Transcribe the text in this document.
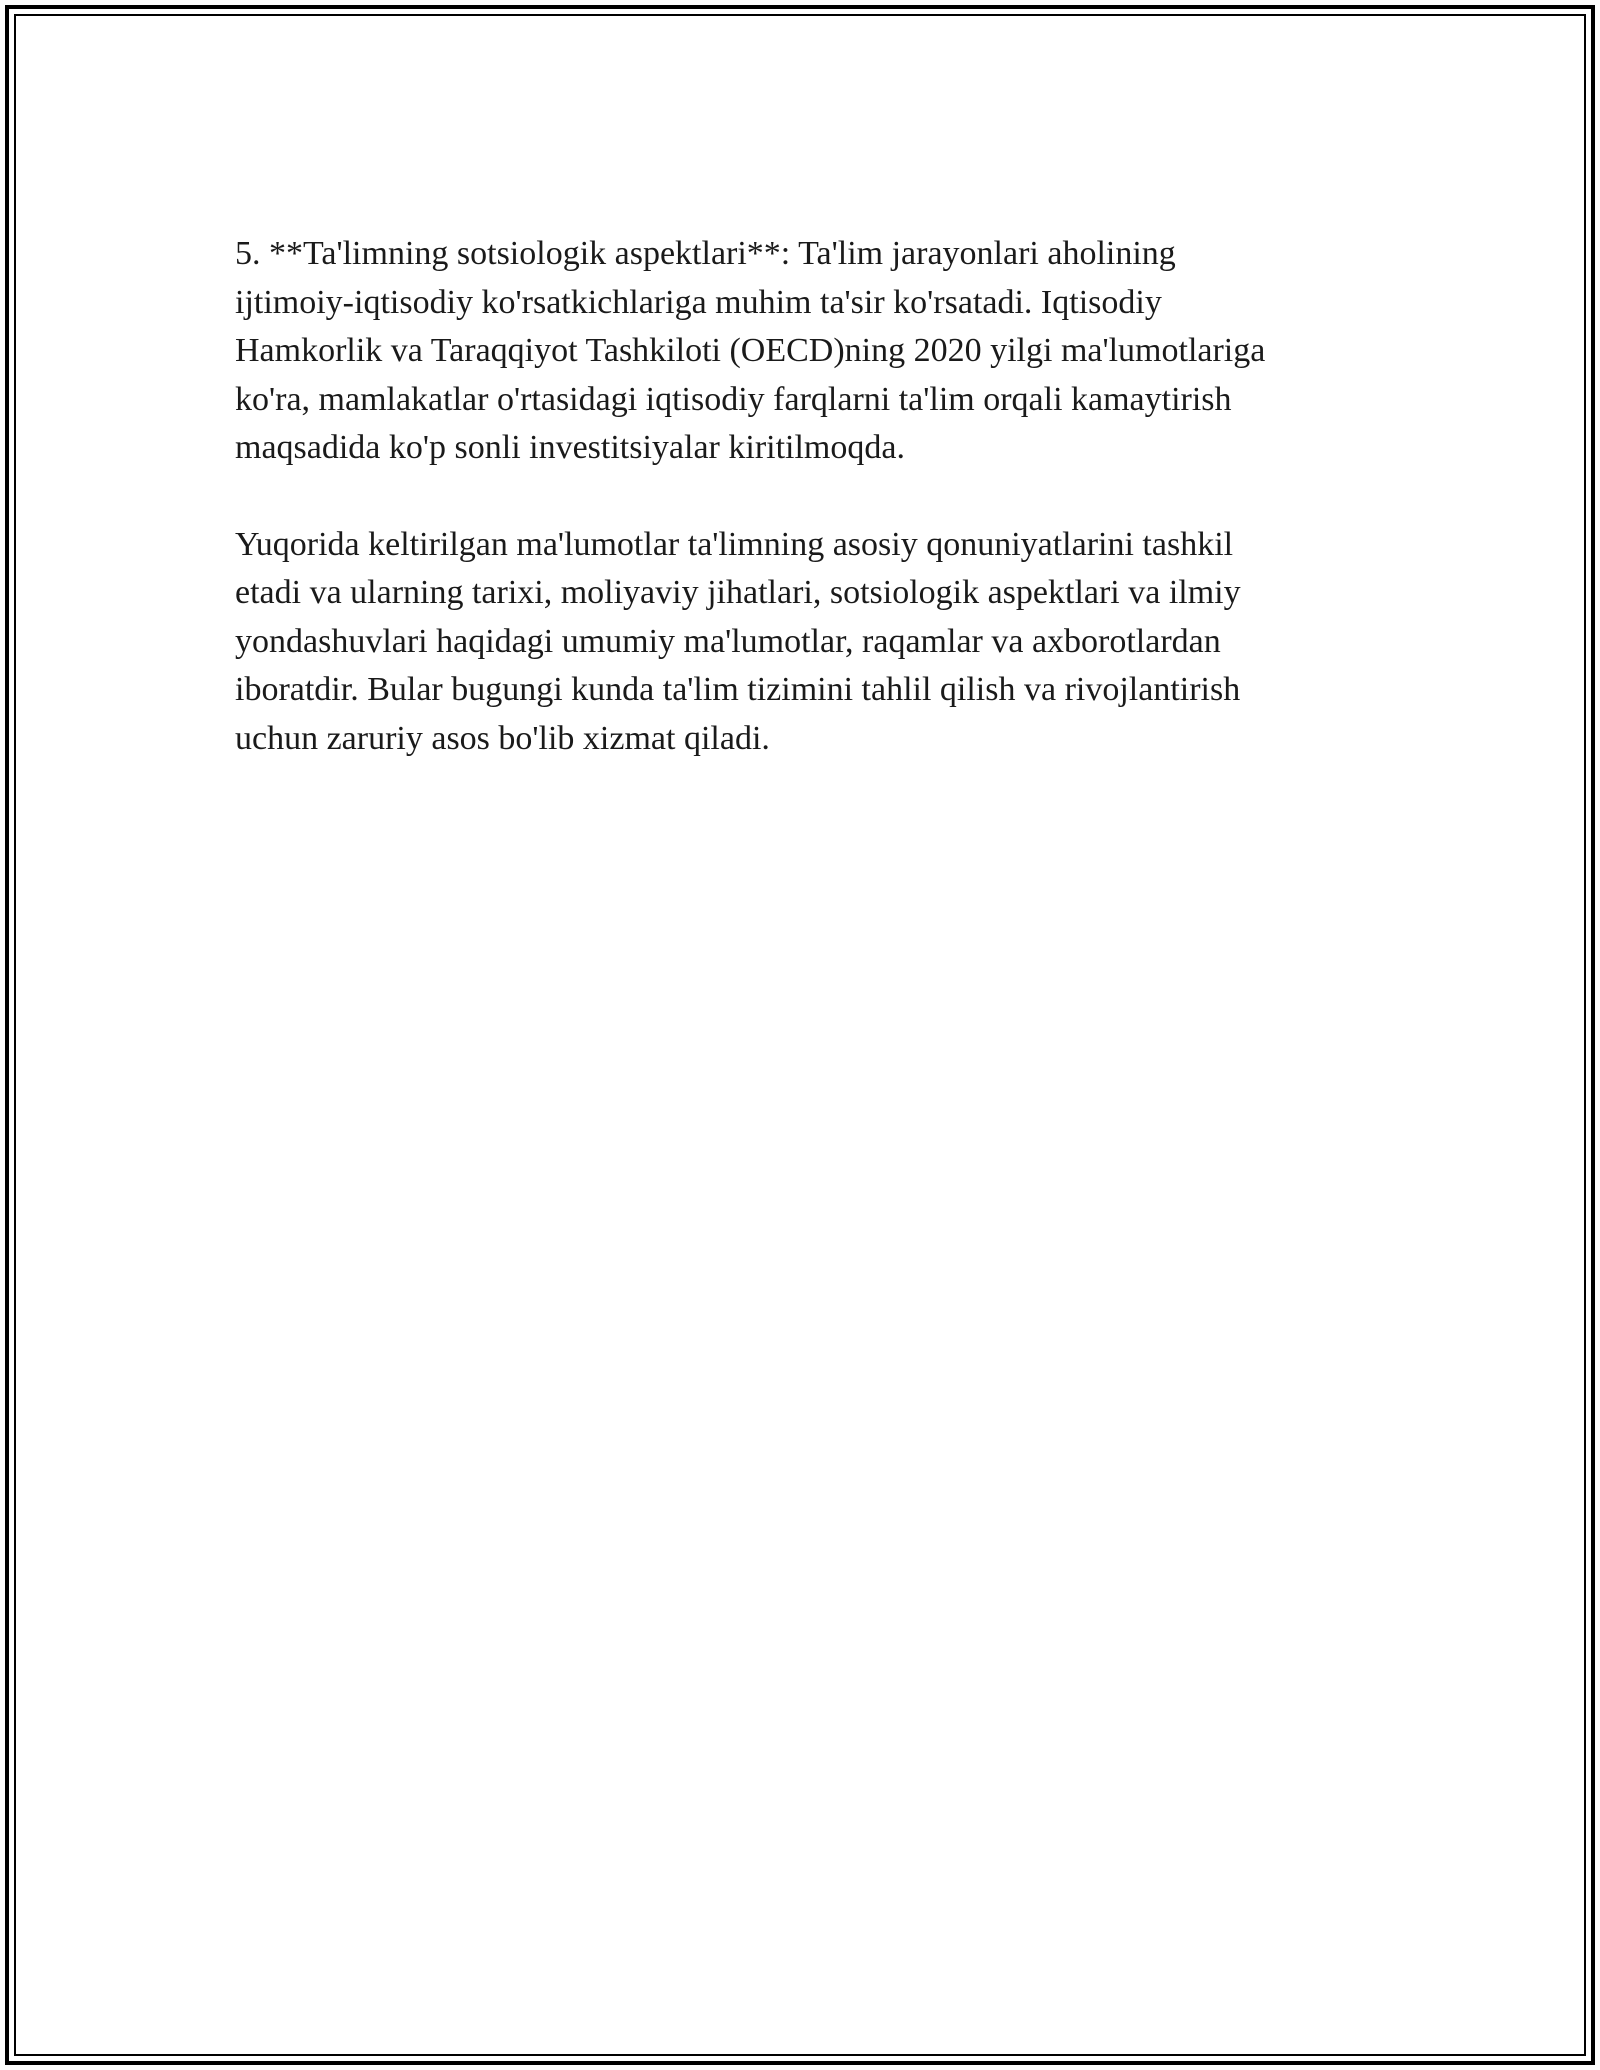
5. **Ta'limning sotsiologik aspektlari**: Ta'lim jarayonlari aholining
ijtimoiy-iqtisodiy ko'rsatkichlariga muhim ta'sir ko'rsatadi. Iqtisodiy
Hamkorlik va Taraqqiyot Tashkiloti (OECD)ning 2020 yilgi ma'lumotlariga
ko'ra, mamlakatlar o'rtasidagi iqtisodiy farqlarni ta'lim orqali kamaytirish
maqsadida ko'p sonli investitsiyalar kiritilmoqda.

Yuqorida keltirilgan ma'lumotlar ta'limning asosiy qonuniyatlarini tashkil
etadi va ularning tarixi, moliyaviy jihatlari, sotsiologik aspektlari va ilmiy
yondashuvlari haqidagi umumiy ma'lumotlar, raqamlar va axborotlardan
iboratdir. Bular bugungi kunda ta'lim tizimini tahlil qilish va rivojlantirish
uchun zaruriy asos bo'lib xizmat qiladi.
